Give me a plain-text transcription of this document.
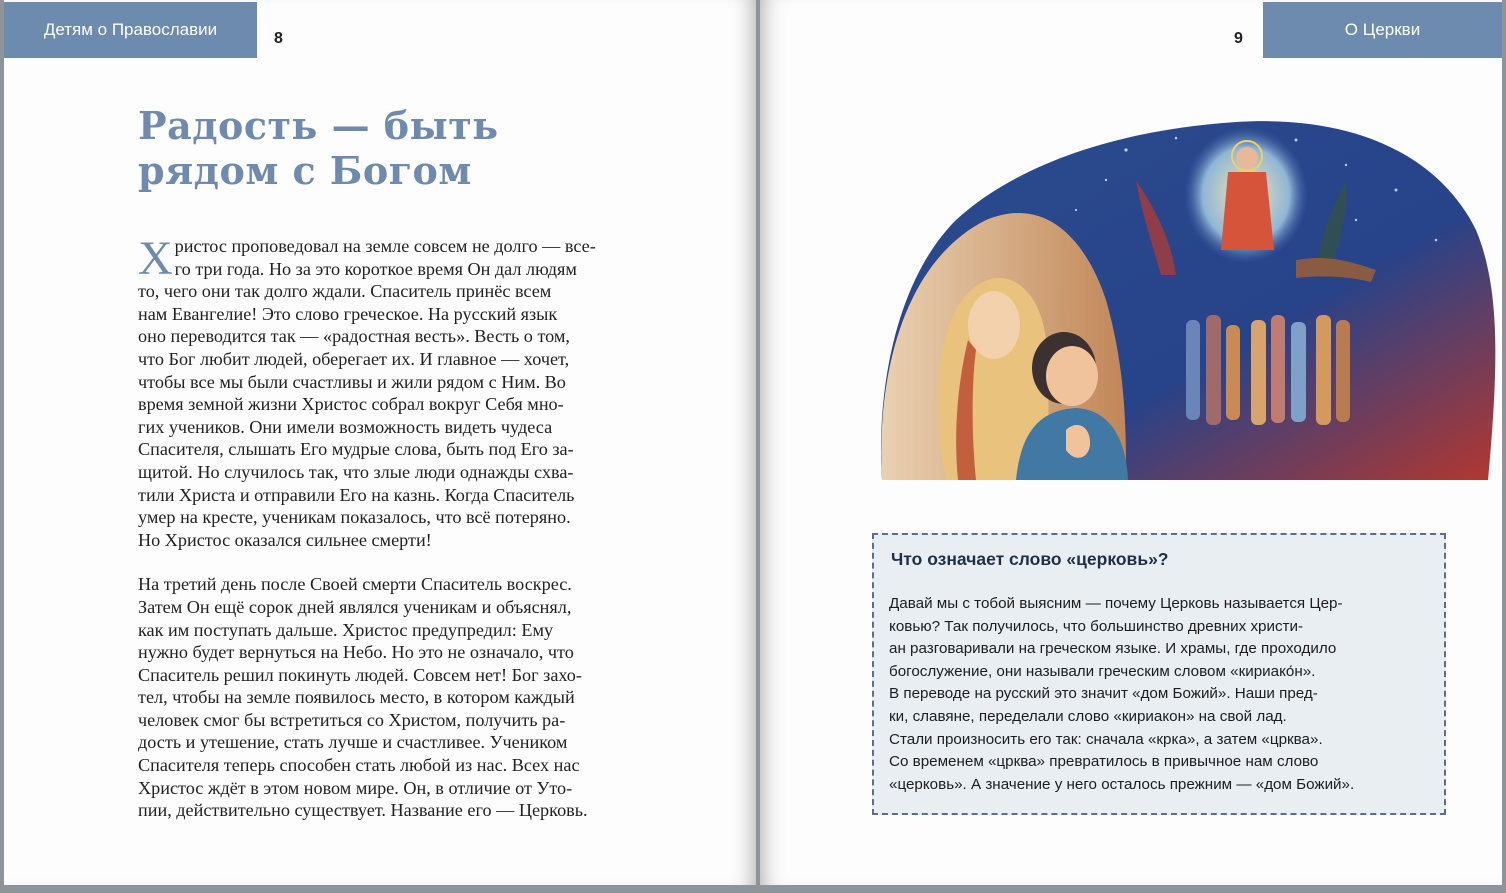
Детям о Православии	8
Радость — быть
рядом с Богом

Х ристос проповедовал на земле совсем не долго — все-
го три года. Но за это короткое время Он дал людям
то, чего они так долго ждали. Спаситель принёс всем
нам Евангелие! Это слово греческое. На русский язык
оно переводится так — «радостная весть». Весть о том,
что Бог любит людей, оберегает их. И главное — хочет,
чтобы все мы были счастливы и жили рядом с Ним. Во
время земной жизни Христос собрал вокруг Себя мно-
гих учеников. Они имели возможность видеть чудеса
Спасителя, слышать Его мудрые слова, быть под Его за-
щитой. Но случилось так, что злые люди однажды схва-
тили Христа и отправили Его на казнь. Когда Спаситель
умер на кресте, ученикам показалось, что всё потеряно.
Но Христос оказался сильнее смерти!

На третий день после Своей смерти Спаситель воскрес.
Затем Он ещё сорок дней являлся ученикам и объяснял,
как им поступать дальше. Христос предупредил: Ему
нужно будет вернуться на Небо. Но это не означало, что
Спаситель решил покинуть людей. Совсем нет! Бог захо-
тел, чтобы на земле появилось место, в котором каждый
человек смог бы встретиться со Христом, получить ра-
дость и утешение, стать лучше и счастливее. Учеником
Спасителя теперь способен стать любой из нас. Всех нас
Христос ждёт в этом новом мире. Он, в отличие от Уто-
пии, действительно существует. Название его — Церковь.

9	О Церкви
Что означает слово «церковь»?
Давай мы с тобой выясним — почему Церковь называется Цер-
ковью? Так получилось, что большинство древних христи-
ан разговаривали на греческом языке. И храмы, где проходило
богослужение, они называли греческим словом «кириако́н».
В переводе на русский это значит «дом Божий». Наши пред-
ки, славяне, переделали слово «кириакон» на свой лад.
Стали произносить его так: сначала «крка», а затем «црква».
Со временем «црква» превратилось в привычное нам слово
«церковь». А значение у него осталось прежним — «дом Божий».
